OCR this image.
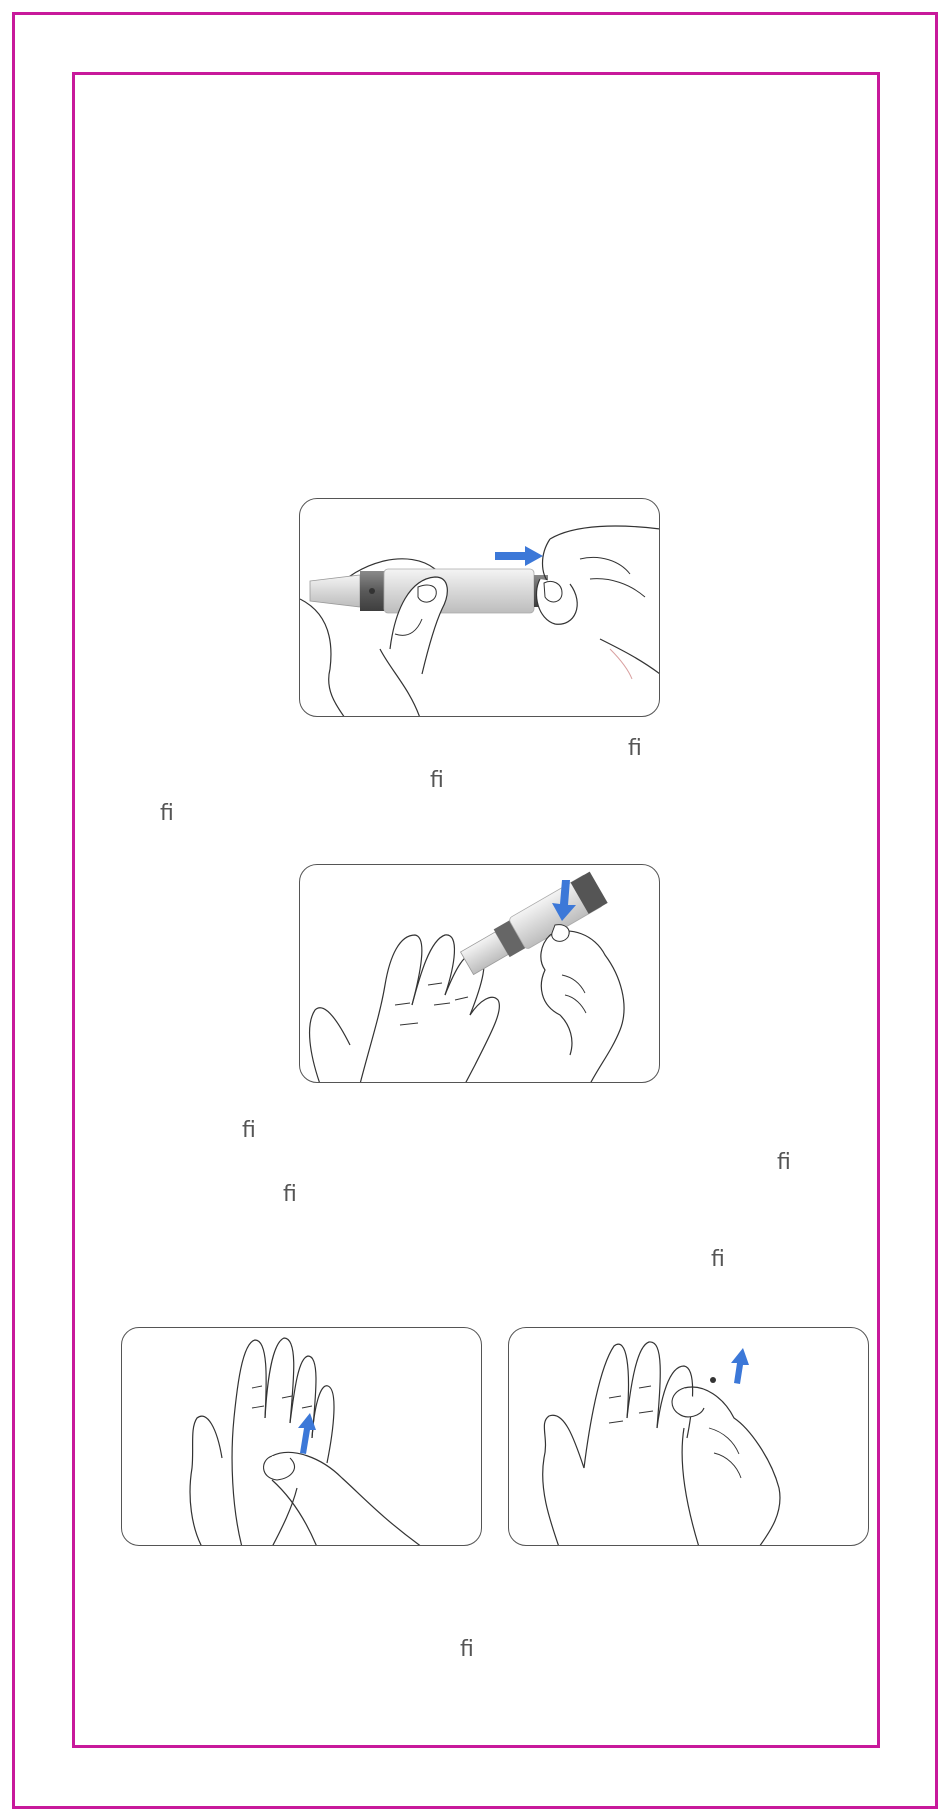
ﬁ
ﬁ
ﬁ
ﬁ
ﬁ
ﬁ
ﬁ
ﬁ
